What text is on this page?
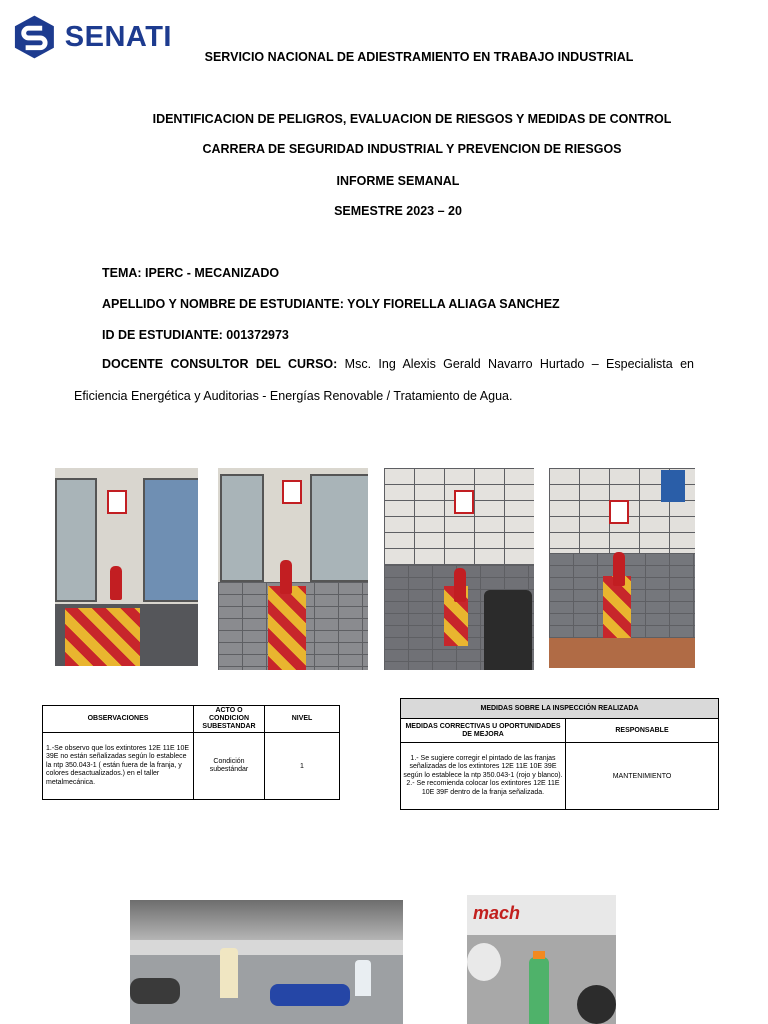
SENATI
SERVICIO NACIONAL DE ADIESTRAMIENTO EN TRABAJO INDUSTRIAL
IDENTIFICACION DE PELIGROS, EVALUACION DE RIESGOS Y MEDIDAS DE CONTROL
CARRERA DE SEGURIDAD INDUSTRIAL Y PREVENCION DE RIESGOS
INFORME SEMANAL
SEMESTRE 2023 – 20
TEMA: IPERC - MECANIZADO
APELLIDO Y NOMBRE DE ESTUDIANTE: YOLY FIORELLA ALIAGA SANCHEZ
ID DE ESTUDIANTE: 001372973
DOCENTE CONSULTOR DEL CURSO: Msc. Ing Alexis Gerald Navarro Hurtado – Especialista en
Eficiencia Energética y Auditorias - Energías Renovable / Tratamiento de Agua.
OBSERVACIONES	ACTO O CONDICION SUBESTANDAR	NIVEL
1.-Se observo que los extintores 12E 11E 10E 39E no están señalizadas según lo establece la ntp 350.043-1 ( están fuera de la franja, y colores desactualizados.) en el taller metalmecánica.	Condición subestándar	1
MEDIDAS SOBRE LA INSPECCIÓN REALIZADA	
MEDIDAS CORRECTIVAS U OPORTUNIDADES DE MEJORA	RESPONSABLE

1.- Se sugiere corregir el pintado de las franjas señalizadas de los extintores 12E 11E 10E 39E según lo establece la ntp 350.043-1 (rojo y blanco).
2.- Se recomienda colocar los extintores 12E 11E 10E 39F dentro de la franja señalizada.	MANTENIMIENTO
mach
